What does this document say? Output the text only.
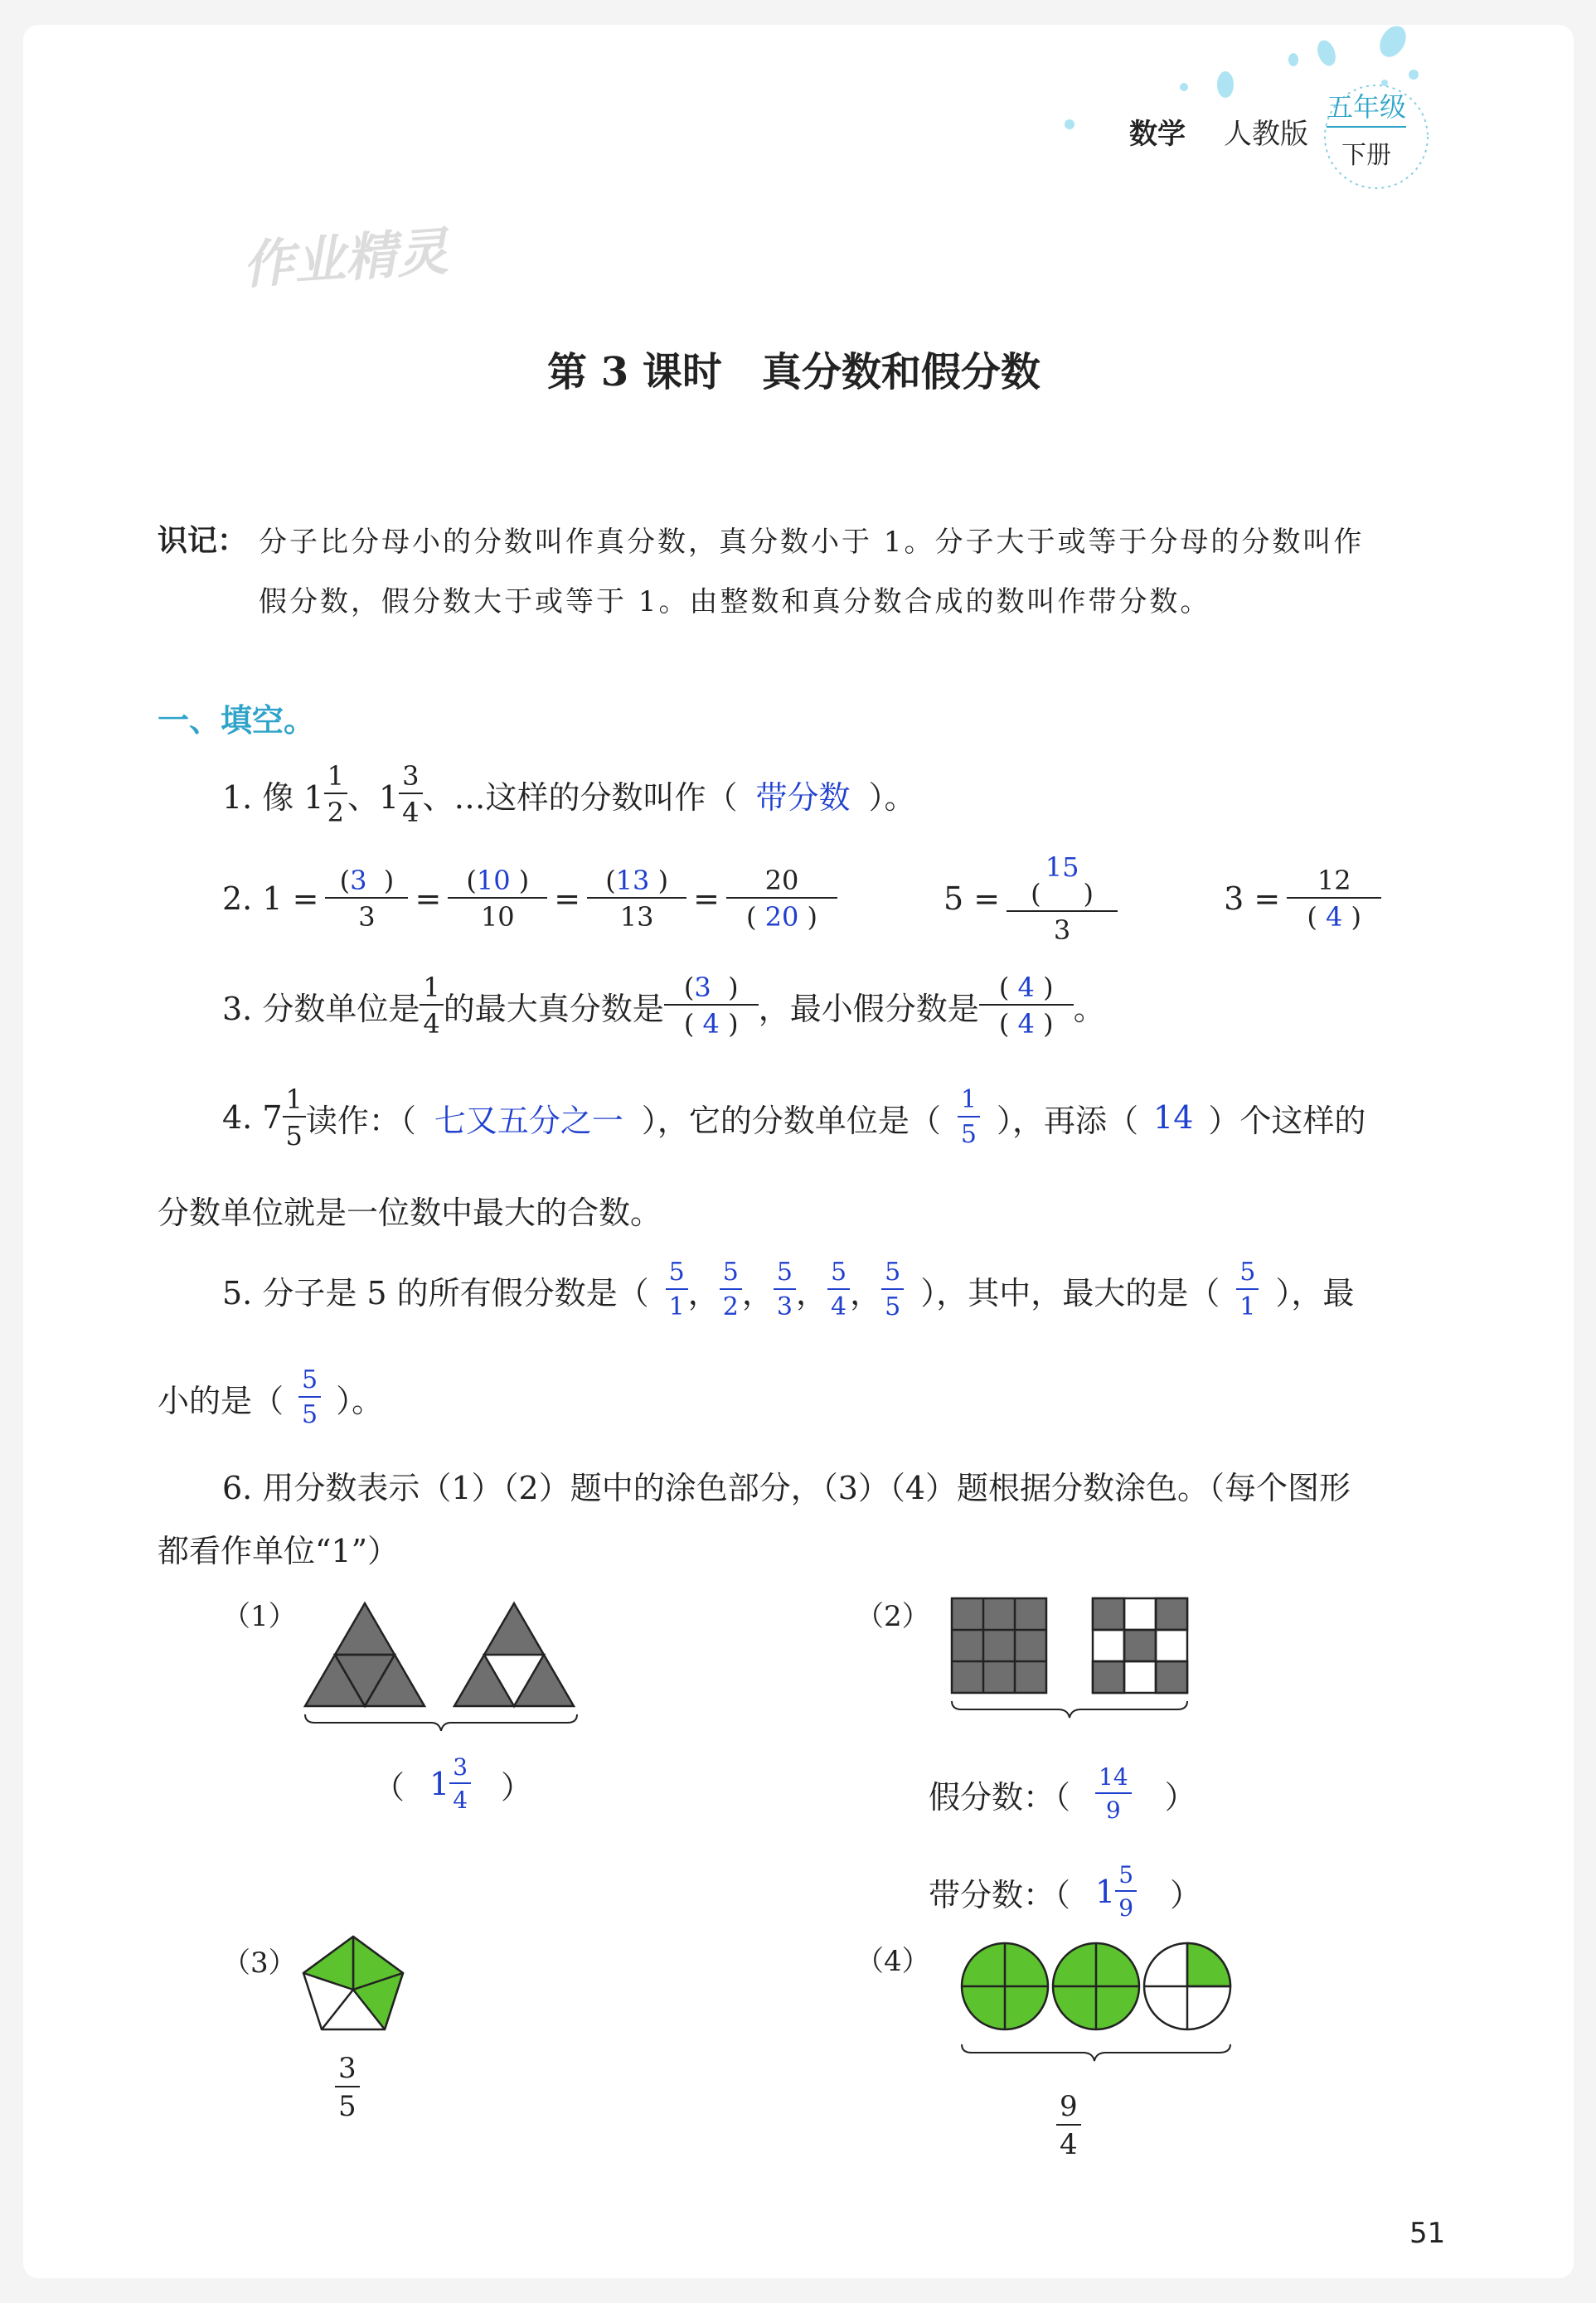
数学 人教版
五年级
下册
作业精灵
第 3 课时　真分数和假分数
识记： 分子比分母小的分数叫作真分数，真分数小于 1。分子大于或等于分母的分数叫作
假分数，假分数大于或等于 1。由整数和真分数合成的数叫作带分数。
一、填空。
1. 像 $1 \frac{1}{2}$ 、$1 \frac{3}{4}$ 、…这样的分数叫作（ 带分数 ）。
2. $1 = \frac{(3 )}{3} = \frac{(10 )}{10} = \frac{(13 )}{13} = \frac{20}{( 20 )}$	5 =
15
( )
3
$3 = \frac{12}{( 4 )}$
3. 分数单位是 $\frac{1}{4}$ 的最大真分数是 $\frac{(3 )}{( 4 )}$ ，最小假分数是 $\frac{( 4 )}{( 4 )}$ 。
4. $7 \frac{1}{5}$ 读作：（ 七又五分之一 ），它的分数单位是（ $\frac{1}{5}$ ），再添（ 14 ）个这样的
分数单位就是一位数中最大的合数。
5. 分子是 5 的所有假分数是（ $\frac{5}{1}$ ， $\frac{5}{2}$ ， $\frac{5}{3}$ ， $\frac{5}{4}$ ， $\frac{5}{5}$ ），其中，最大的是（ $\frac{5}{1}$ ），最
小的是（ $\frac{5}{5}$ ）。
6. 用分数表示（1）（2）题中的涂色部分，（3）（4）题根据分数涂色。（每个图形
都看作单位“1”）
（1）
（ $1 \frac{3}{4}$ ）
（2）
假分数：（ $\frac{14}{9}$ ）
带分数：（ $1 \frac{5}{9}$ ）
（3）
$\frac{3}{5}$
（4）
$\frac{9}{4}$
51
